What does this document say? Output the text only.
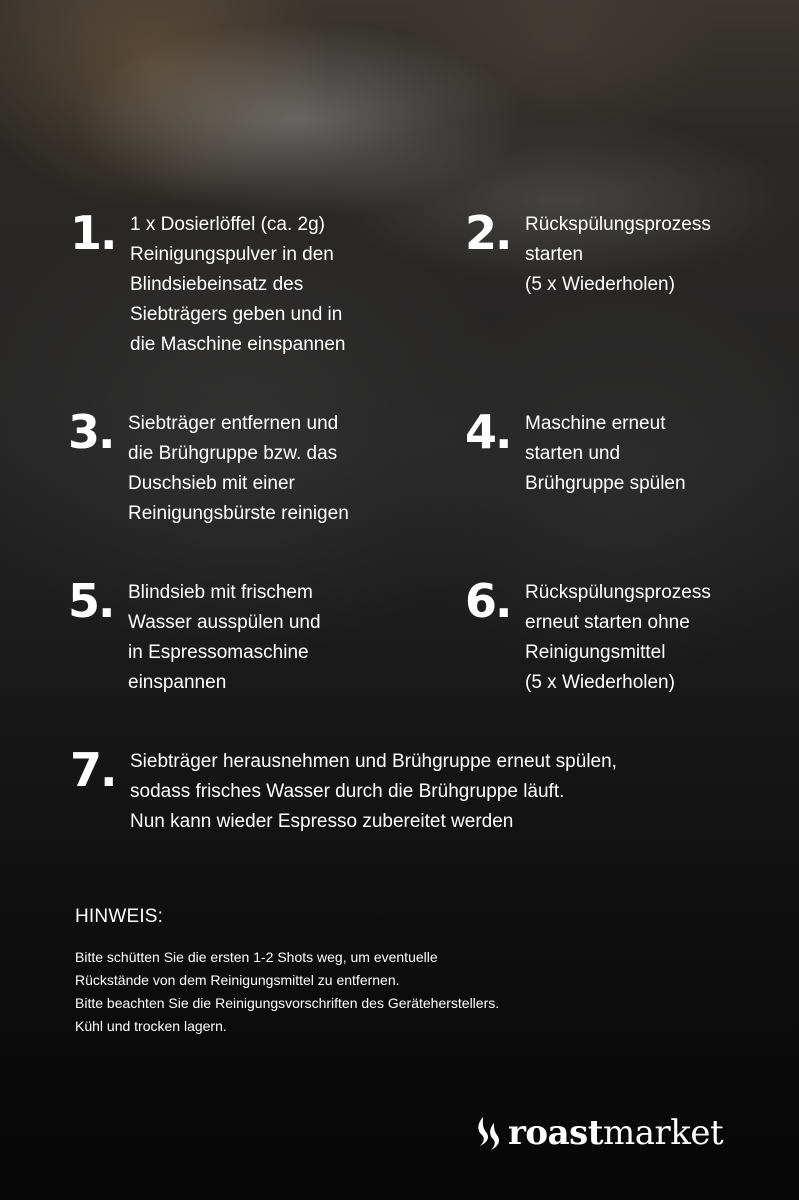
1. 1 x Dosierlöffel (ca. 2g)
Reinigungspulver in den
Blindsiebeinsatz des
Siebträgers geben und in
die Maschine einspannen
2. Rückspülungsprozess
starten
(5 x Wiederholen)
3. Siebträger entfernen und
die Brühgruppe bzw. das
Duschsieb mit einer
Reinigungsbürste reinigen
4. Maschine erneut
starten und
Brühgruppe spülen
5. Blindsieb mit frischem
Wasser ausspülen und
in Espressomaschine
einspannen
6. Rückspülungsprozess
erneut starten ohne
Reinigungsmittel
(5 x Wiederholen)
7. Siebträger herausnehmen und Brühgruppe erneut spülen,
sodass frisches Wasser durch die Brühgruppe läuft.
Nun kann wieder Espresso zubereitet werden
HINWEIS:
Bitte schütten Sie die ersten 1-2 Shots weg, um eventuelle
Rückstände von dem Reinigungsmittel zu entfernen.
Bitte beachten Sie die Reinigungsvorschriften des Geräteherstellers.
Kühl und trocken lagern.
roast market
